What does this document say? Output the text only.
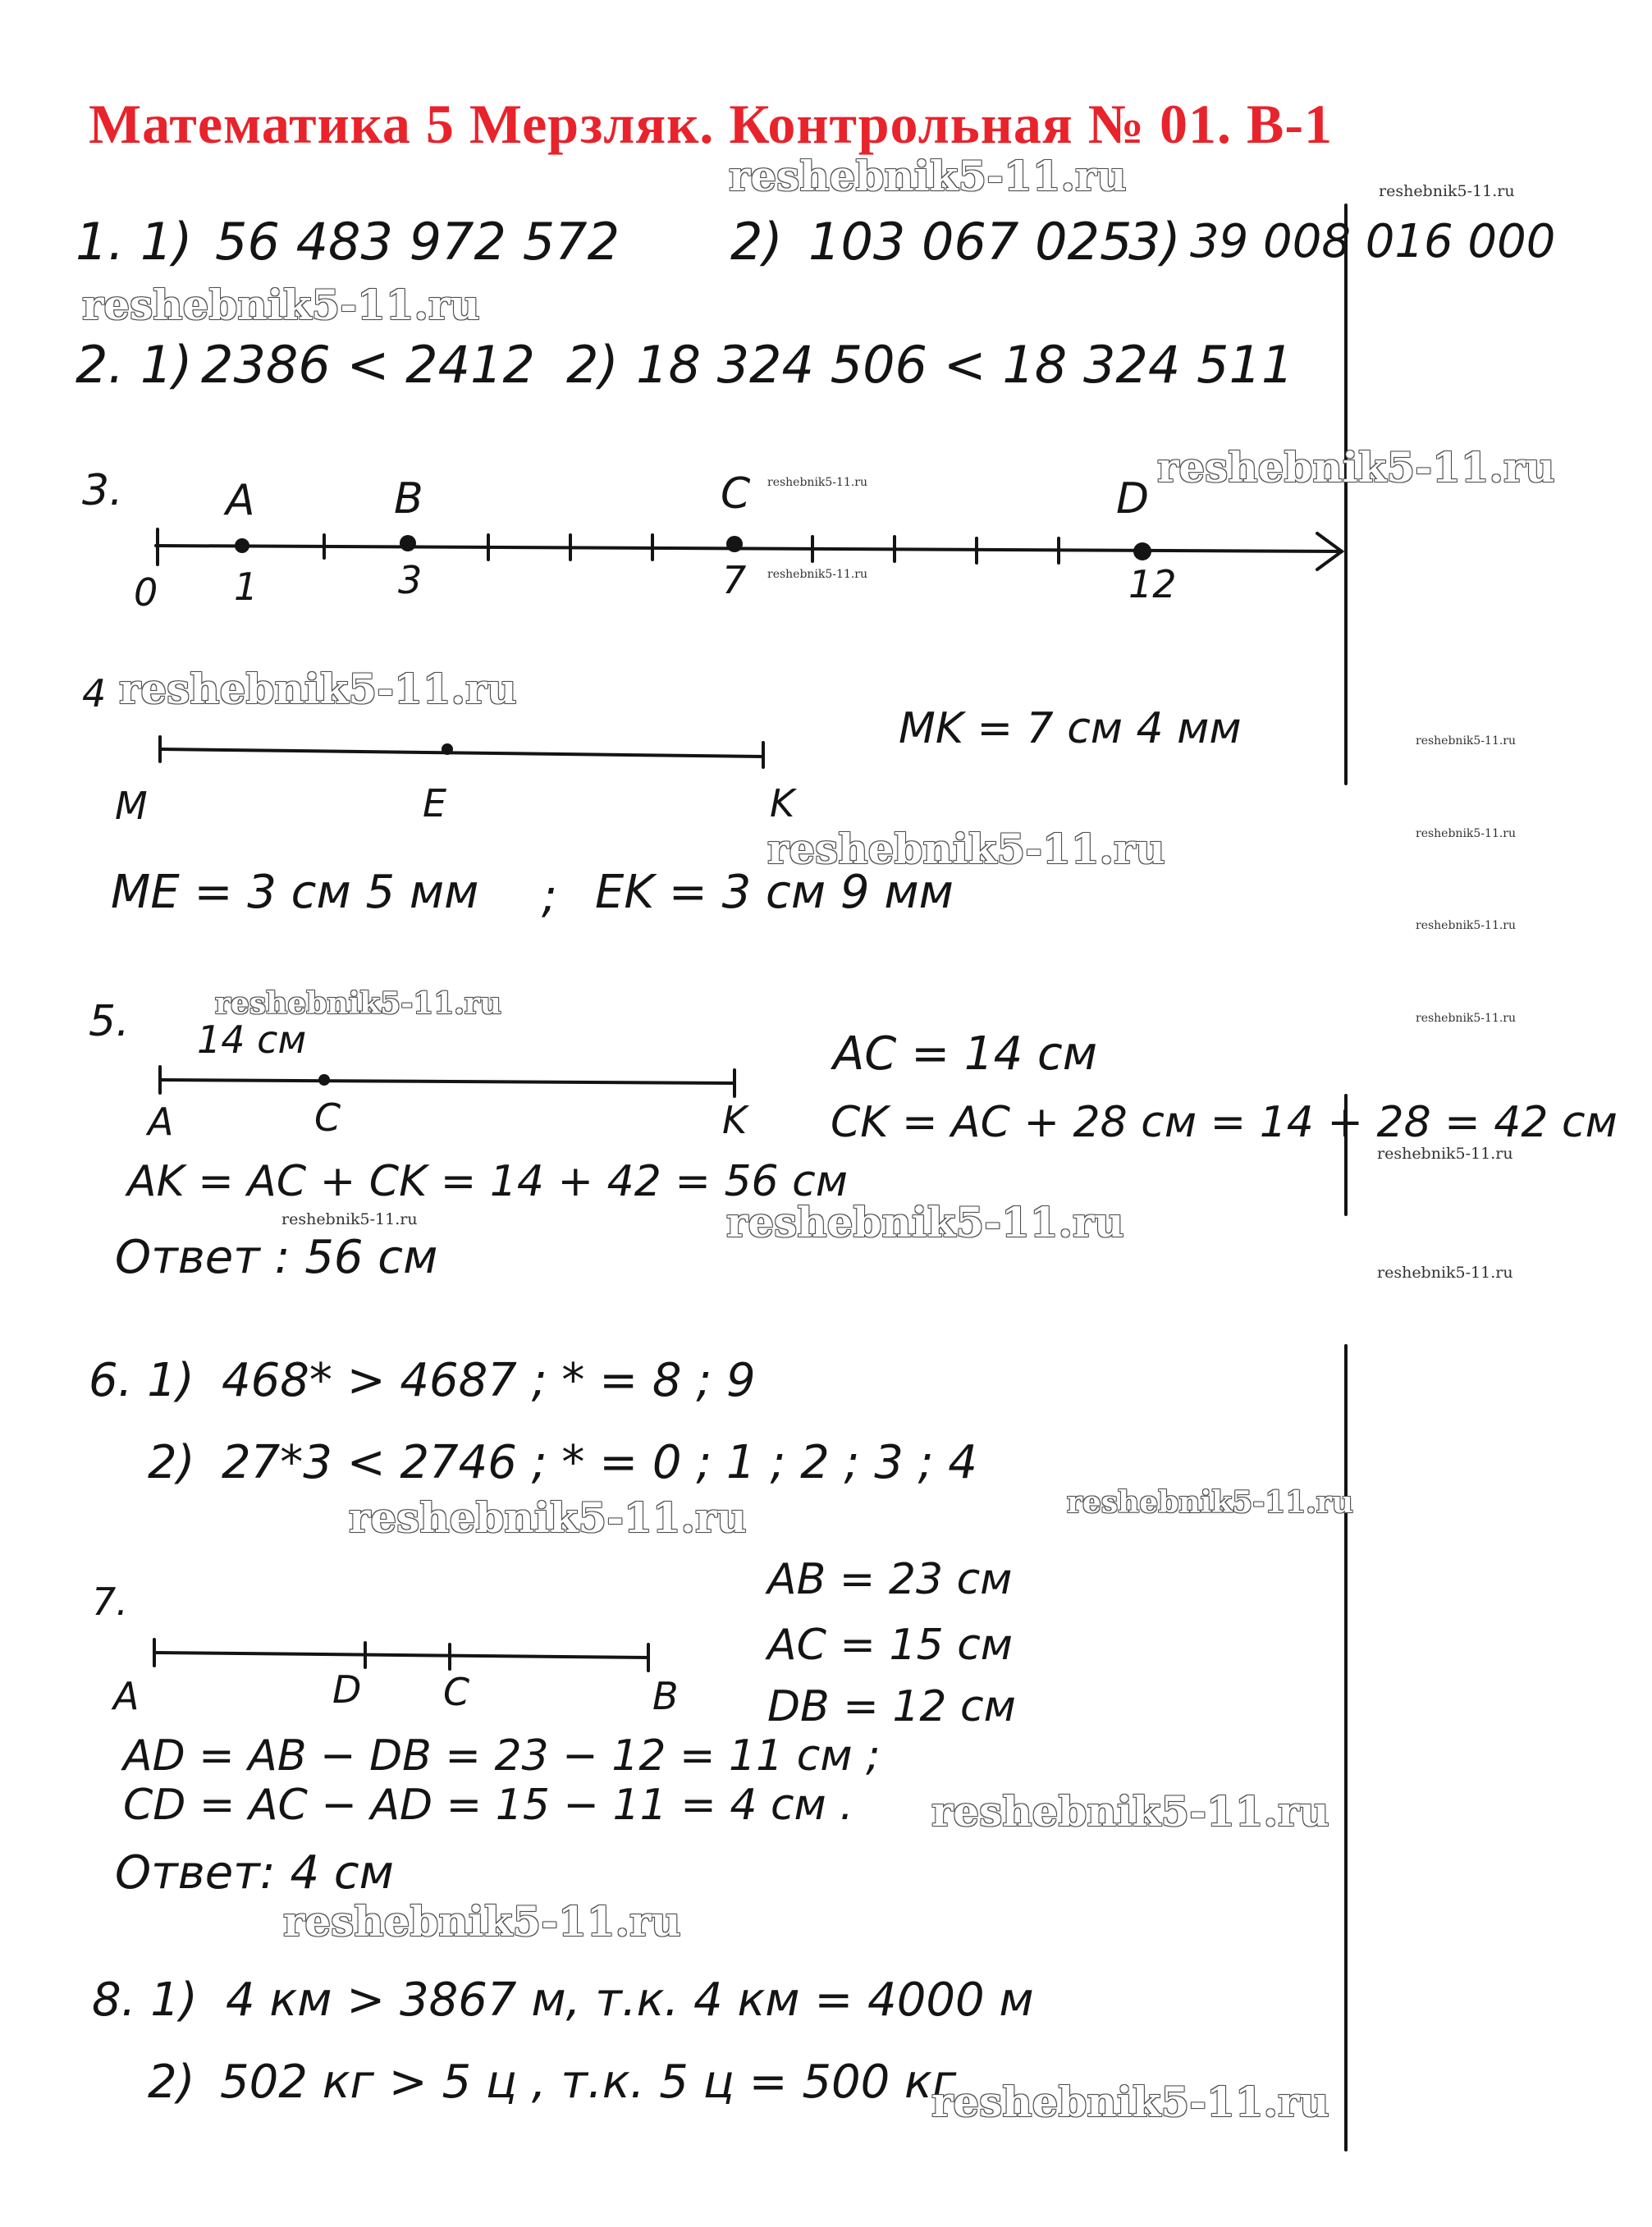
Математика 5 Мерзляк. Контрольная № 01. В-1
1. 1) 56 483 972 572 2) 103 067 025
3) 39 008 016 000
2. 1) 2386 < 2412 2) 18 324 506 < 18 324 511
3. A	B	C	D
0 1	3	7	12
4
MK = 7 см 4 мм
M	E	K
ME = 3 см 5 мм ; EK = 3 см 9 мм
5. 14 см
A	C	K
AC = 14 см
CK = AC + 28 см = 14 + 28 = 42 см
AK = AC + CK = 14 + 42 = 56 см
Ответ : 56 см
6. 1) 468* > 4687 ; * = 8 ; 9
2) 27*3 < 2746 ; * = 0 ; 1 ; 2 ; 3 ; 4
7.	AB = 23 см
AC = 15 см
DB = 12 см
A	D C	B
AD = AB − DB = 23 − 12 = 11 см ;
CD = AC − AD = 15 − 11 = 4 см .
Ответ: 4 см
8. 1) 4 км > 3867 м, т.к. 4 км = 4000 м
2) 502 кг > 5 ц , т.к. 5 ц = 500 кг
reshebnik5-11.ru	reshebnik5-11.ru
reshebnik5-11.ru
reshebnik5-11.ru
reshebnik5-11.ru
reshebnik5-11.ru
reshebnik5-11.ru
reshebnik5-11.ru
reshebnik5-11.ru	reshebnik5-11.ru
reshebnik5-11.ru
reshebnik5-11.ru	reshebnik5-11.ru
reshebnik5-11.ru
reshebnik5-11.ru	reshebnik5-11.ru
reshebnik5-11.ru
reshebnik5-11.ru	reshebnik5-11.ru
reshebnik5-11.ru
reshebnik5-11.ru
reshebnik5-11.ru
